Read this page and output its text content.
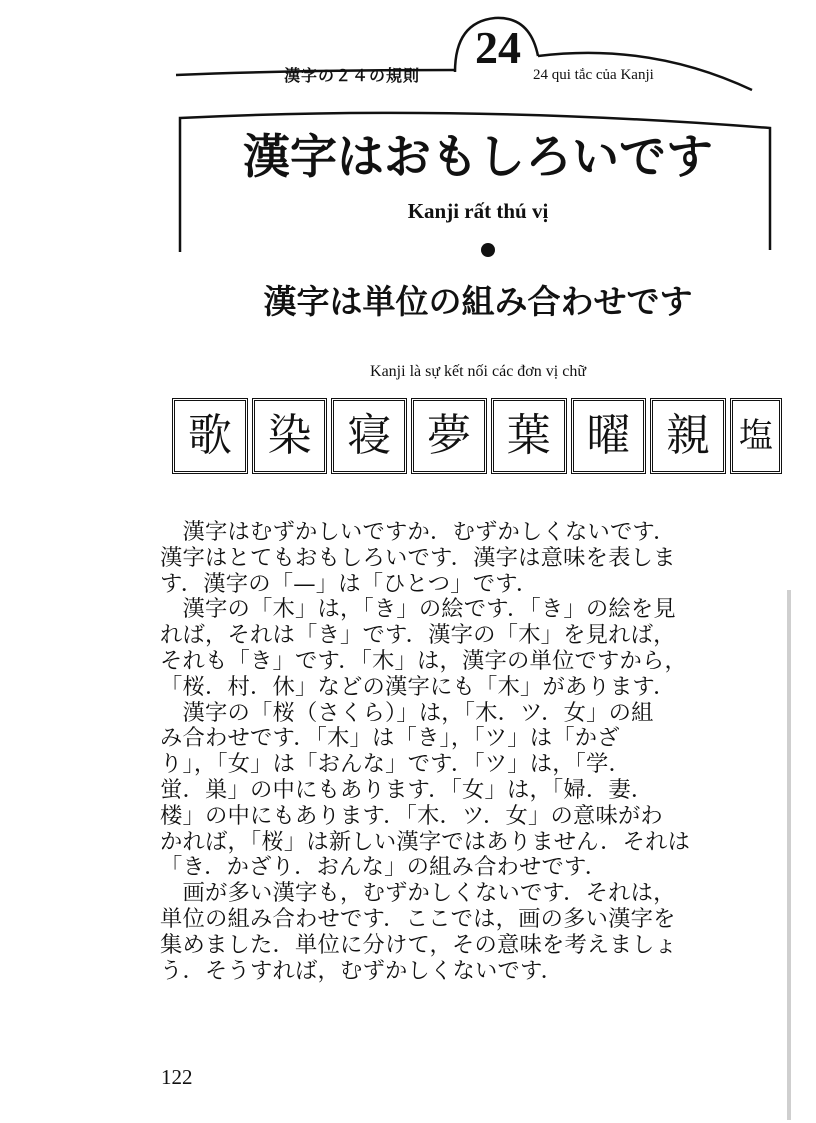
漢字の２４の規則
24
24 qui tắc của Kanji
漢字はおもしろいです
Kanji rất thú vị
漢字は単位の組み合わせです
Kanji là sự kết nối các đơn vị chữ
歌 染 寝 夢 葉 曜 親 塩
　漢字はむずかしいですか．むずかしくないです．
漢字はとてもおもしろいです．漢字は意味を表しま
す．漢字の「—」は「ひとつ」です．
　漢字の「木」は，「き」の絵です．「き」の絵を見
れば，それは「き」です．漢字の「木」を見れば，
それも「き」です．「木」は，漢字の単位ですから，
「桜．村．休」などの漢字にも「木」があります．
　漢字の「桜（さくら）」は，「木．ツ．女」の組
み合わせです．「木」は「き」，「ツ」は「かざ
り」，「女」は「おんな」です．「ツ」は，「学．
蛍．巣」の中にもあります．「女」は，「婦．妻．
楼」の中にもあります．「木．ツ．女」の意味がわ
かれば，「桜」は新しい漢字ではありません．それは
「き．かざり．おんな」の組み合わせです．
　画が多い漢字も，むずかしくないです．それは，
単位の組み合わせです．ここでは，画の多い漢字を
集めました．単位に分けて，その意味を考えましょ
う．そうすれば，むずかしくないです．
122
